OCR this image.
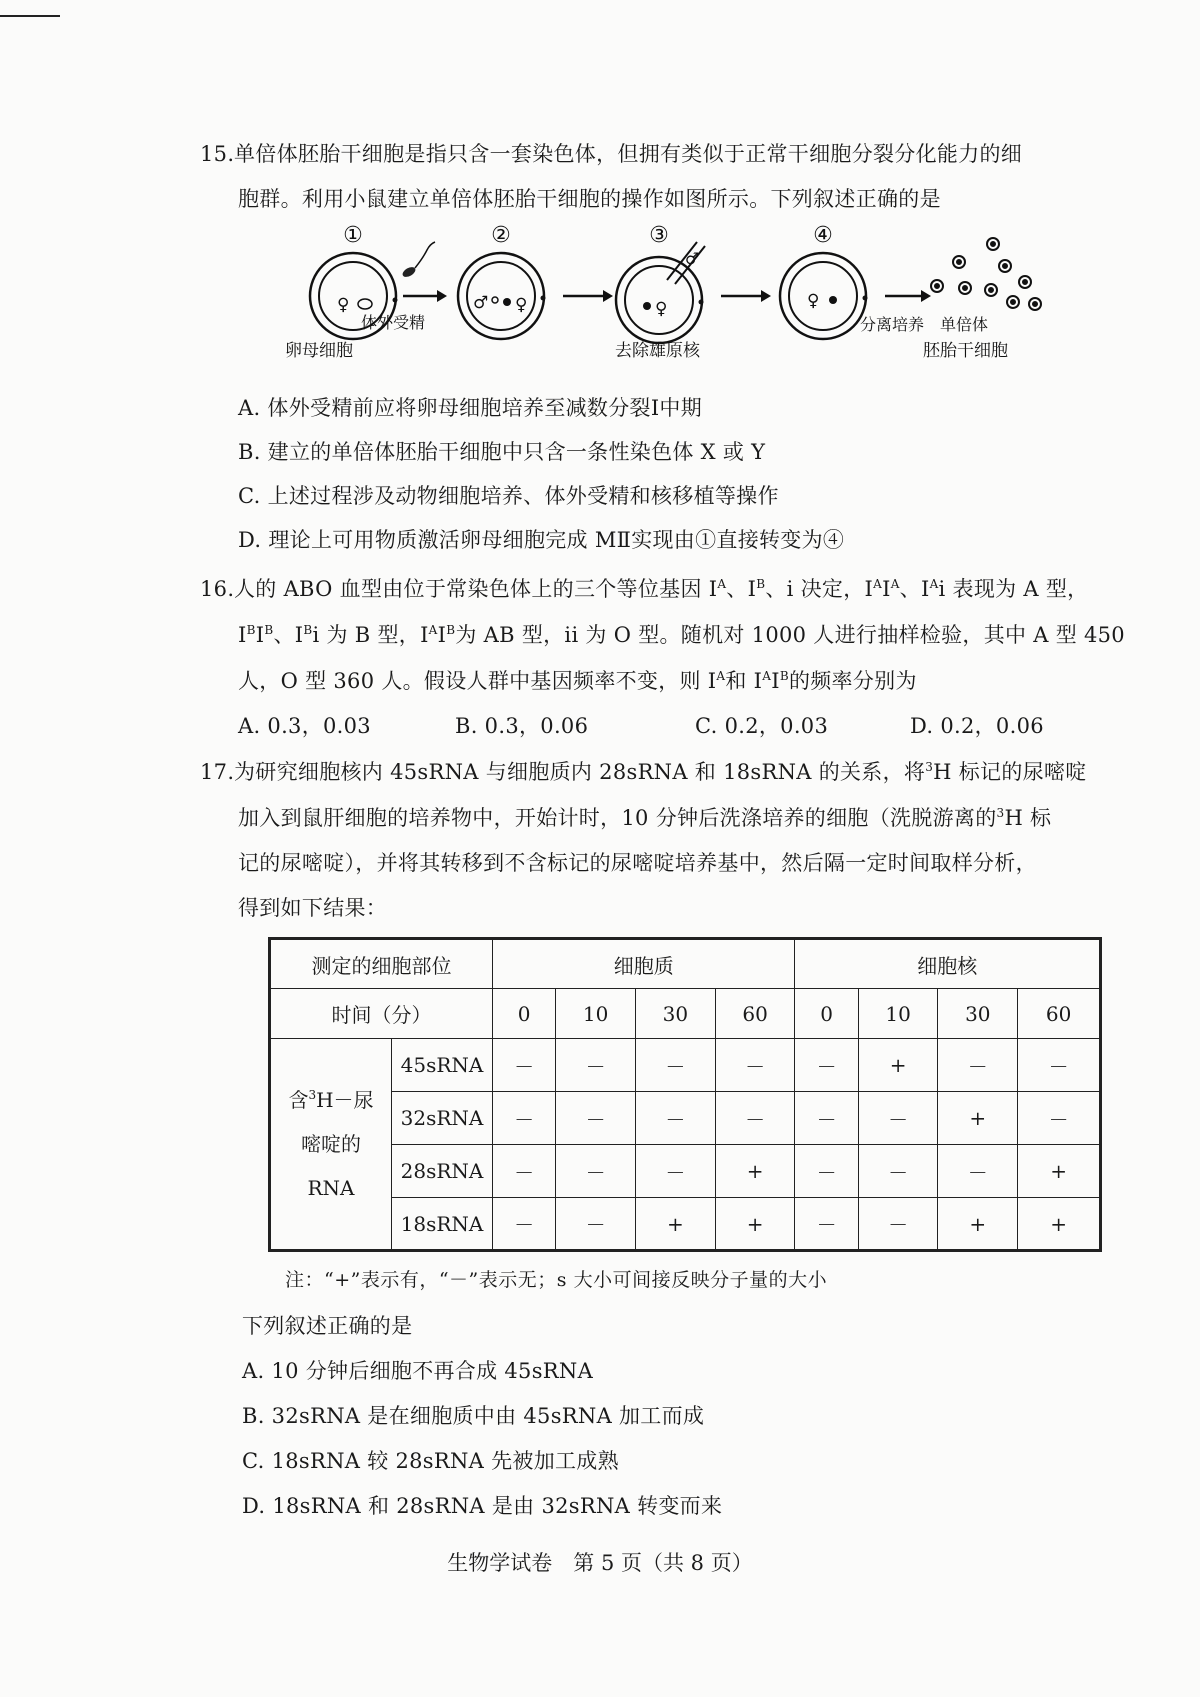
15.单倍体胚胎干细胞是指只含一套染色体，但拥有类似于正常干细胞分裂分化能力的细
胞群。利用小鼠建立单倍体胚胎干细胞的操作如图所示。下列叙述正确的是
①	②	③	④
♀
体外受精
卵母细胞
♂ ♀	♀
♂
去除雄原核
♀
分离培养 单倍体
胚胎干细胞
A. 体外受精前应将卵母细胞培养至减数分裂Ⅰ中期
B. 建立的单倍体胚胎干细胞中只含一条性染色体 X 或 Y
C. 上述过程涉及动物细胞培养、体外受精和核移植等操作
D. 理论上可用物质激活卵母细胞完成 MⅡ实现由①直接转变为④
16.人的 ABO 血型由位于常染色体上的三个等位基因 $I^A$、$I^B$、i 决定，$I^AI^A$、$I^Ai$ 表现为 A 型，
$I^BI^B$、$I^Bi$ 为 B 型，$I^AI^B$为 AB 型，ii 为 O 型。随机对 1000 人进行抽样检验，其中 A 型 450
人，O 型 360 人。假设人群中基因频率不变，则 $I^A$和 $I^AI^B$的频率分别为
A. 0.3，0.03	B. 0.3，0.06	C. 0.2，0.03	D. 0.2，0.06
17.为研究细胞核内 45sRNA 与细胞质内 28sRNA 和 18sRNA 的关系，将$^3$H 标记的尿嘧啶
加入到鼠肝细胞的培养物中，开始计时，10 分钟后洗涤培养的细胞（洗脱游离的$^3$H 标
记的尿嘧啶），并将其转移到不含标记的尿嘧啶培养基中，然后隔一定时间取样分析，
得到如下结果：
测定的细胞部位		细胞质				细胞核			
时间（分）		0	10	30	60	0	10	30	60
含$^3$H－尿
嘧啶的
RNA	45sRNA	－	－	－	－	－	+	－	－
	32sRNA	－	－	－	－	－	－	+	－
	28sRNA	－	－	－	+	－	－	－	+
	18sRNA	－	－	+	+	－	－	+	+
注：“+”表示有，“－”表示无；s 大小可间接反映分子量的大小
下列叙述正确的是
A. 10 分钟后细胞不再合成 45sRNA
B. 32sRNA 是在细胞质中由 45sRNA 加工而成
C. 18sRNA 较 28sRNA 先被加工成熟
D. 18sRNA 和 28sRNA 是由 32sRNA 转变而来
生物学试卷　第 5 页（共 8 页）
